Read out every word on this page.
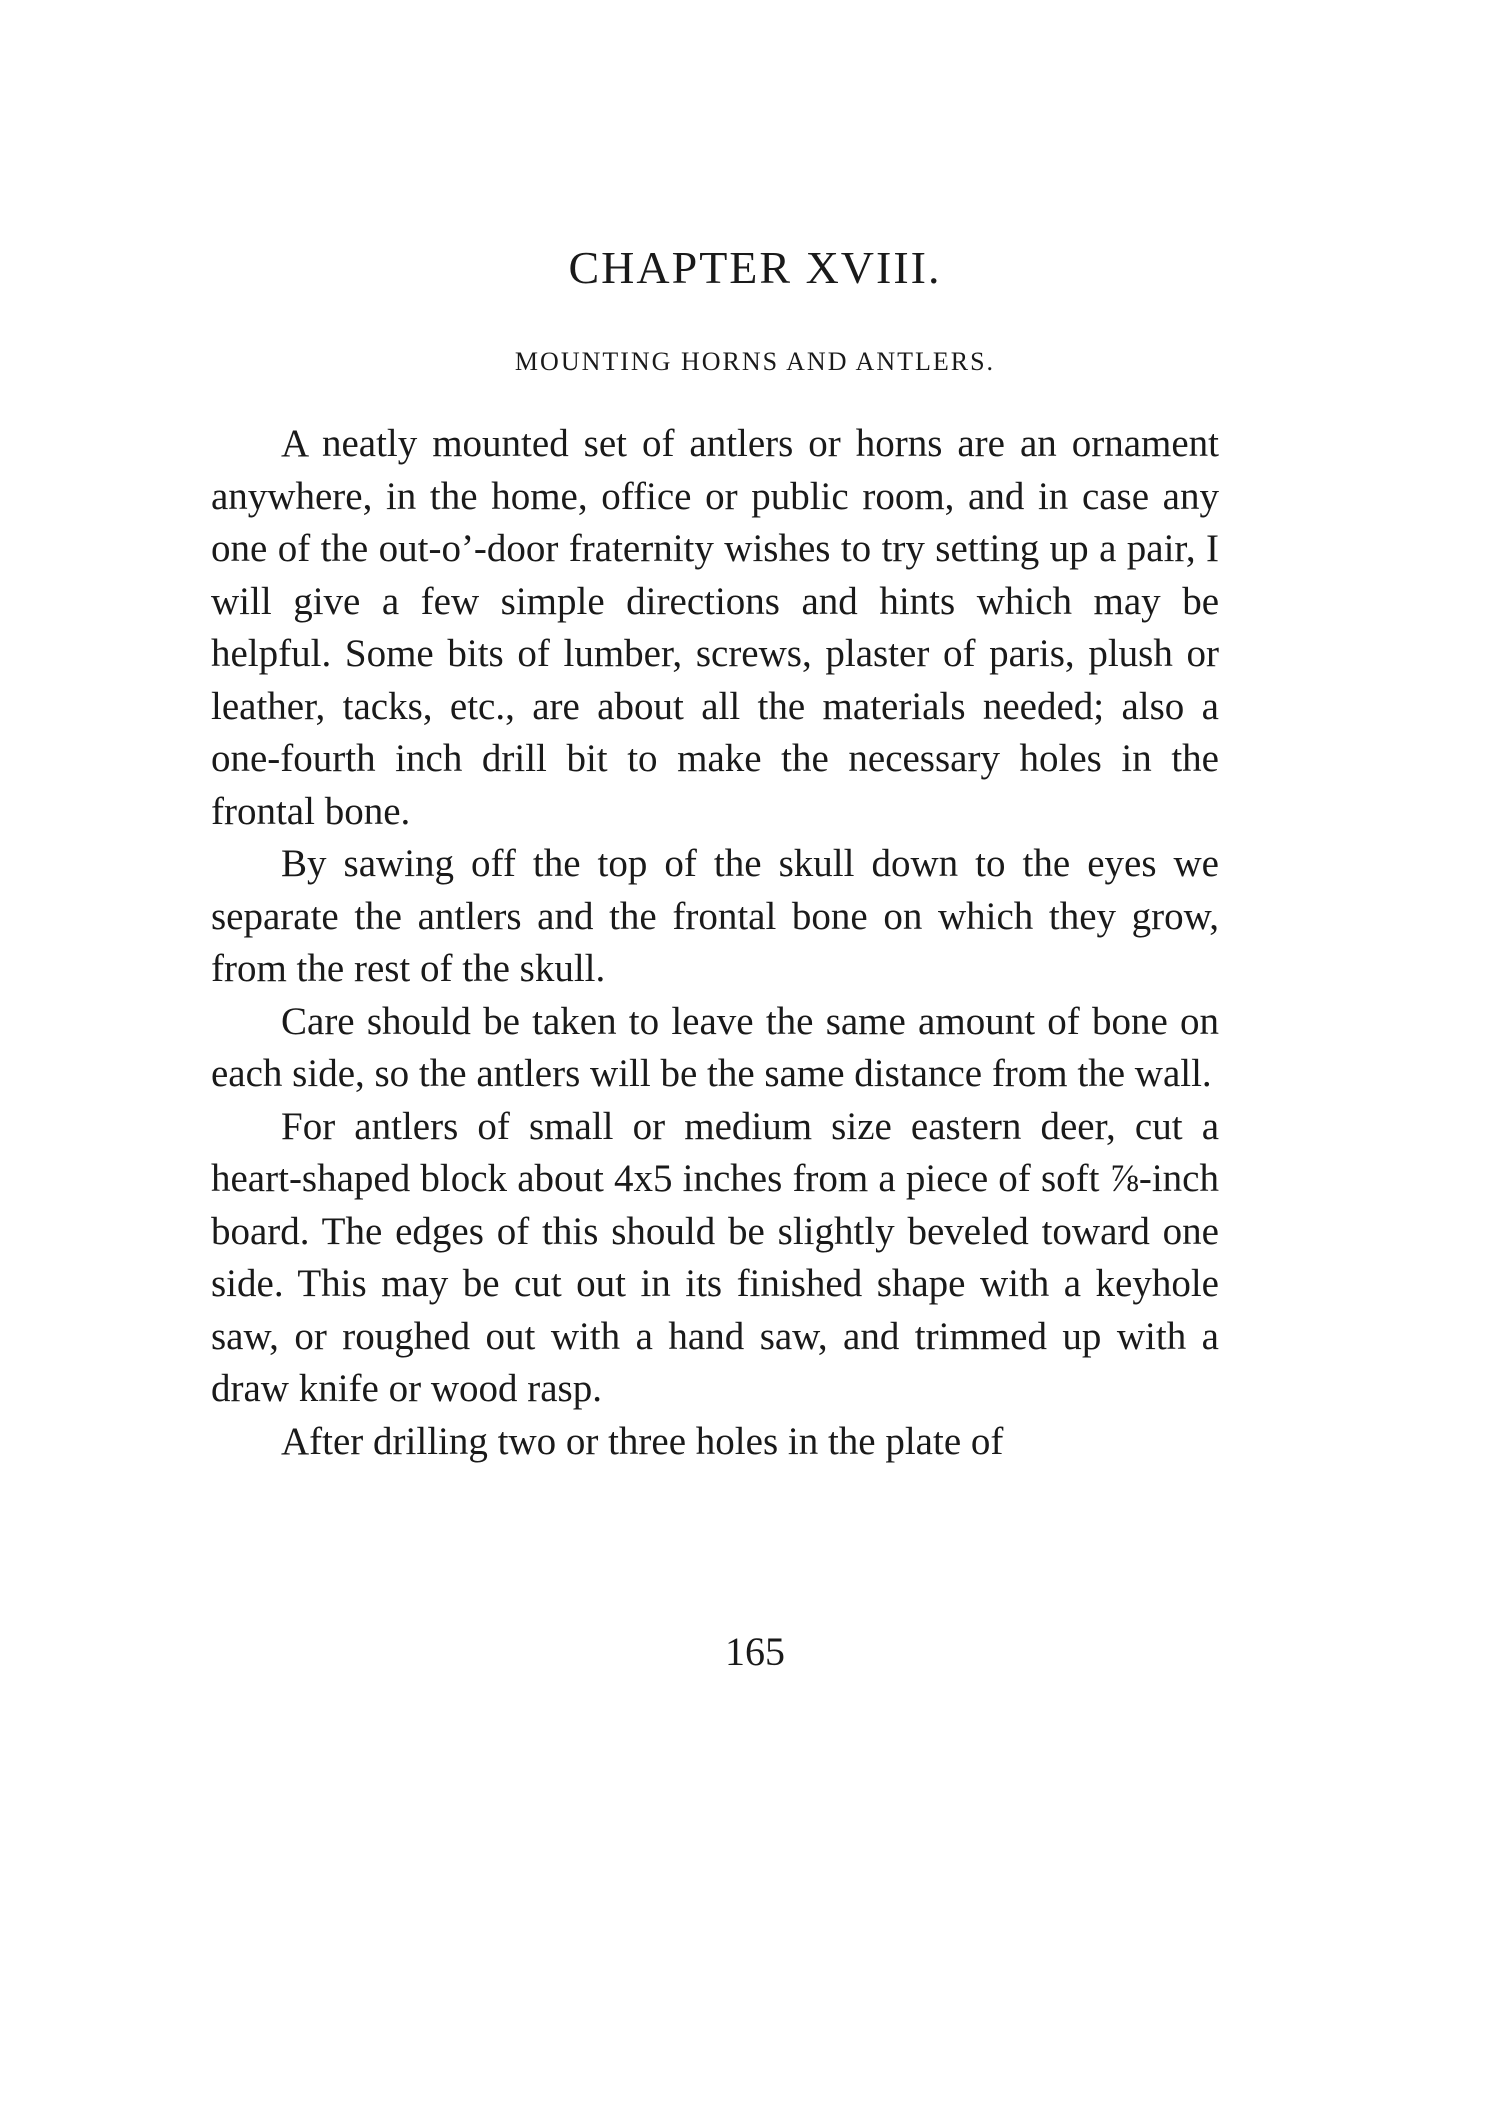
CHAPTER XVIII.
MOUNTING HORNS AND ANTLERS.

A neatly mounted set of antlers or horns are an ornament anywhere, in the home, office or public room, and in case any one of the out-o’-door fraternity wishes to try setting up a pair, I will give a few simple directions and hints which may be helpful. Some bits of lumber, screws, plaster of paris, plush or leather, tacks, etc., are about all the materials needed; also a one-fourth inch drill bit to make the necessary holes in the frontal bone.

By sawing off the top of the skull down to the eyes we separate the antlers and the frontal bone on which they grow, from the rest of the skull.

Care should be taken to leave the same amount of bone on each side, so the antlers will be the same distance from the wall.

For antlers of small or medium size eastern deer, cut a heart-shaped block about 4x5 inches from a piece of soft ⅞-inch board. The edges of this should be slightly beveled toward one side. This may be cut out in its finished shape with a keyhole saw, or roughed out with a hand saw, and trimmed up with a draw knife or wood rasp.

After drilling two or three holes in the plate of

165
